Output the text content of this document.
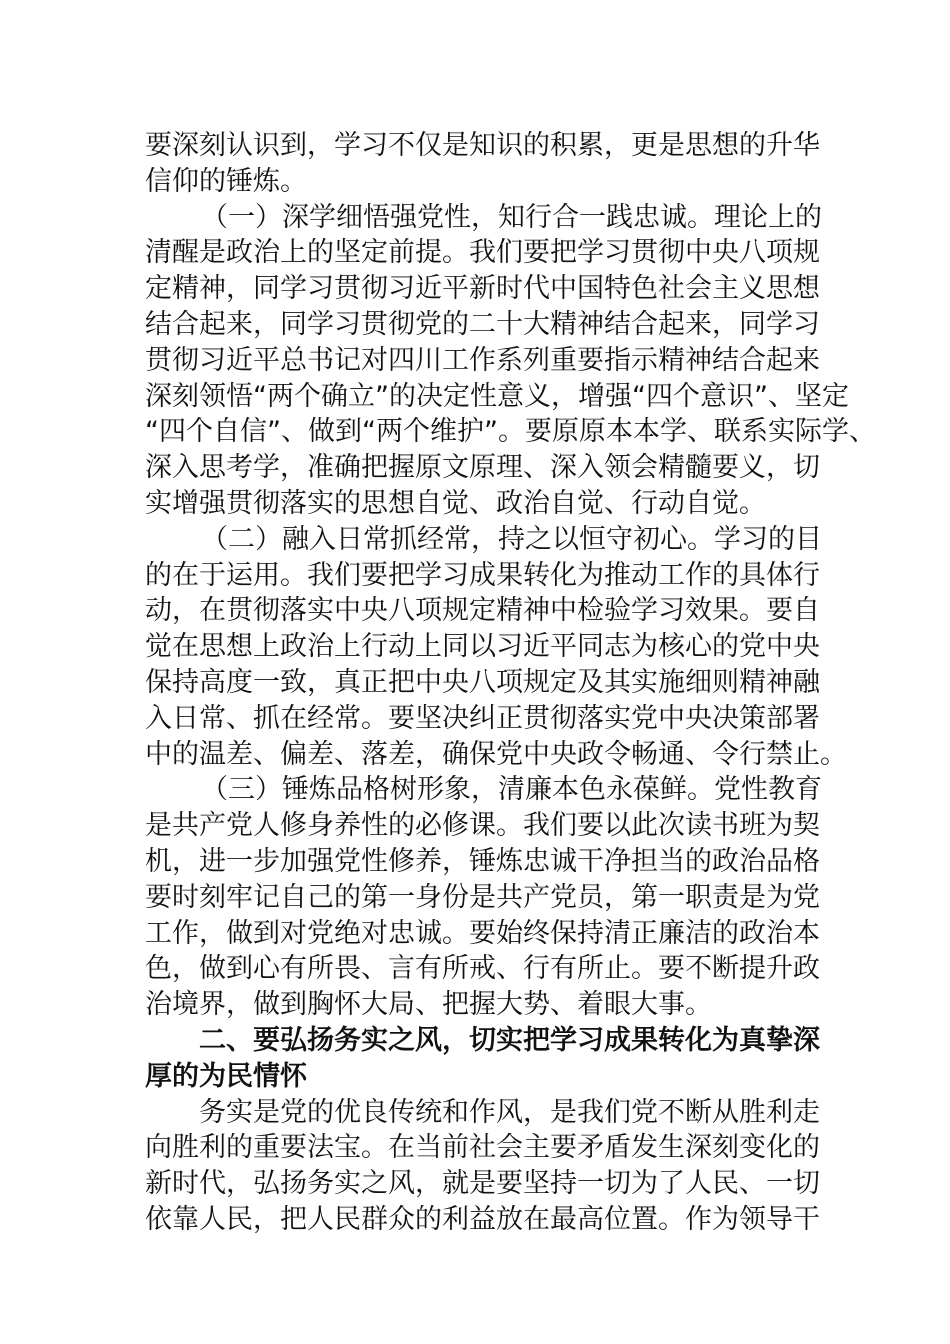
要深刻认识到，学习不仅是知识的积累，更是思想的升华
信仰的锤炼。
（一）深学细悟强党性，知行合一践忠诚。理论上的
清醒是政治上的坚定前提。我们要把学习贯彻中央八项规
定精神，同学习贯彻习近平新时代中国特色社会主义思想
结合起来，同学习贯彻党的二十大精神结合起来，同学习
贯彻习近平总书记对四川工作系列重要指示精神结合起来
深刻领悟“两个确立”的决定性意义，增强“四个意识”、坚定
“四个自信”、做到“两个维护”。要原原本本学、联系实际学、
深入思考学，准确把握原文原理、深入领会精髓要义，切
实增强贯彻落实的思想自觉、政治自觉、行动自觉。
（二）融入日常抓经常，持之以恒守初心。学习的目
的在于运用。我们要把学习成果转化为推动工作的具体行
动，在贯彻落实中央八项规定精神中检验学习效果。要自
觉在思想上政治上行动上同以习近平同志为核心的党中央
保持高度一致，真正把中央八项规定及其实施细则精神融
入日常、抓在经常。要坚决纠正贯彻落实党中央决策部署
中的温差、偏差、落差，确保党中央政令畅通、令行禁止。
（三）锤炼品格树形象，清廉本色永葆鲜。党性教育
是共产党人修身养性的必修课。我们要以此次读书班为契
机，进一步加强党性修养，锤炼忠诚干净担当的政治品格
要时刻牢记自己的第一身份是共产党员，第一职责是为党
工作，做到对党绝对忠诚。要始终保持清正廉洁的政治本
色，做到心有所畏、言有所戒、行有所止。要不断提升政
治境界，做到胸怀大局、把握大势、着眼大事。
二、要弘扬务实之风，切实把学习成果转化为真挚深
厚的为民情怀
务实是党的优良传统和作风，是我们党不断从胜利走
向胜利的重要法宝。在当前社会主要矛盾发生深刻变化的
新时代，弘扬务实之风，就是要坚持一切为了人民、一切
依靠人民，把人民群众的利益放在最高位置。作为领导干
